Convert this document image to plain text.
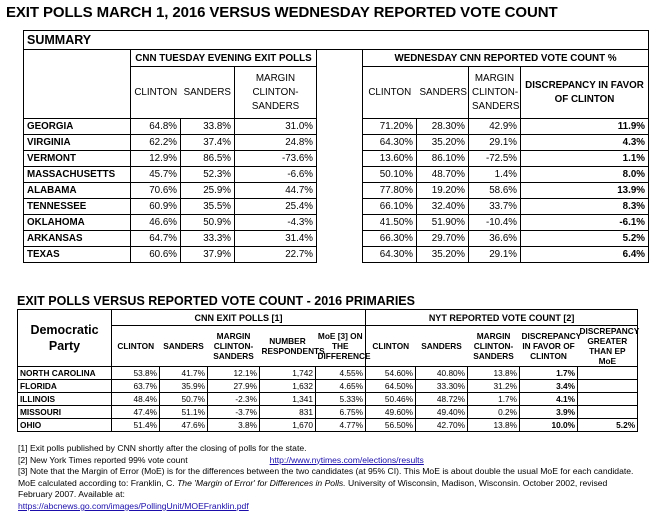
EXIT POLLS MARCH 1, 2016 VERSUS WEDNESDAY REPORTED VOTE COUNT
SUMMARY									
	CNN TUESDAY EVENING EXIT POLLS				WEDNESDAY CNN REPORTED VOTE COUNT %				
	CLINTON	SANDERS	MARGIN CLINTON-SANDERS		CLINTON	SANDERS	MARGIN CLINTON-SANDERS	DISCREPANCY IN FAVOR OF CLINTON	
GEORGIA	64.8%	33.8%	31.0%		71.20%	28.30%	42.9%	11.9%	
VIRGINIA	62.2%	37.4%	24.8%		64.30%	35.20%	29.1%	4.3%	
VERMONT	12.9%	86.5%	-73.6%		13.60%	86.10%	-72.5%	1.1%	
MASSACHUSETTS	45.7%	52.3%	-6.6%		50.10%	48.70%	1.4%	8.0%	
ALABAMA	70.6%	25.9%	44.7%		77.80%	19.20%	58.6%	13.9%	
TENNESSEE	60.9%	35.5%	25.4%		66.10%	32.40%	33.7%	8.3%	
OKLAHOMA	46.6%	50.9%	-4.3%		41.50%	51.90%	-10.4%	-6.1%	
ARKANSAS	64.7%	33.3%	31.4%		66.30%	29.70%	36.6%	5.2%	
TEXAS	60.6%	37.9%	22.7%		64.30%	35.20%	29.1%	6.4%	
EXIT POLLS VERSUS REPORTED VOTE COUNT - 2016 PRIMARIES
Democratic Party	CNN EXIT POLLS [1]					NYT REPORTED VOTE COUNT [2]				
	CLINTON	SANDERS	MARGIN CLINTON-SANDERS	NUMBER RESPONDENTS	MoE [3] ON THE DIFFERENCE	CLINTON	SANDERS	MARGIN CLINTON-SANDERS	DISCREPANCY IN FAVOR OF CLINTON	DISCREPANCY GREATER THAN EP MoE
NORTH CAROLINA	53.8%	41.7%	12.1%	1,742	4.55%	54.60%	40.80%	13.8%	1.7%	
FLORIDA	63.7%	35.9%	27.9%	1,632	4.65%	64.50%	33.30%	31.2%	3.4%	
ILLINOIS	48.4%	50.7%	-2.3%	1,341	5.33%	50.46%	48.72%	1.7%	4.1%	
MISSOURI	47.4%	51.1%	-3.7%	831	6.75%	49.60%	49.40%	0.2%	3.9%	
OHIO	51.4%	47.6%	3.8%	1,670	4.77%	56.50%	42.70%	13.8%	10.0%	5.2%

[1] Exit polls published by CNN shortly after the closing of polls for the state.

[2] New York Times reported 99% vote count	http://www.nytimes.com/elections/results

[3] Note that the Margin of Error (MoE) is for the differences between the two candidates (at 95% CI). This MoE is about double the usual MoE for each candidate. MoE calculated according to: Franklin, C. The 'Margin of Error' for Differences in Polls. University of Wisconsin, Madison, Wisconsin. October 2002, revised February 2007. Available at:

https://abcnews.go.com/images/PollingUnit/MOEFranklin.pdf
